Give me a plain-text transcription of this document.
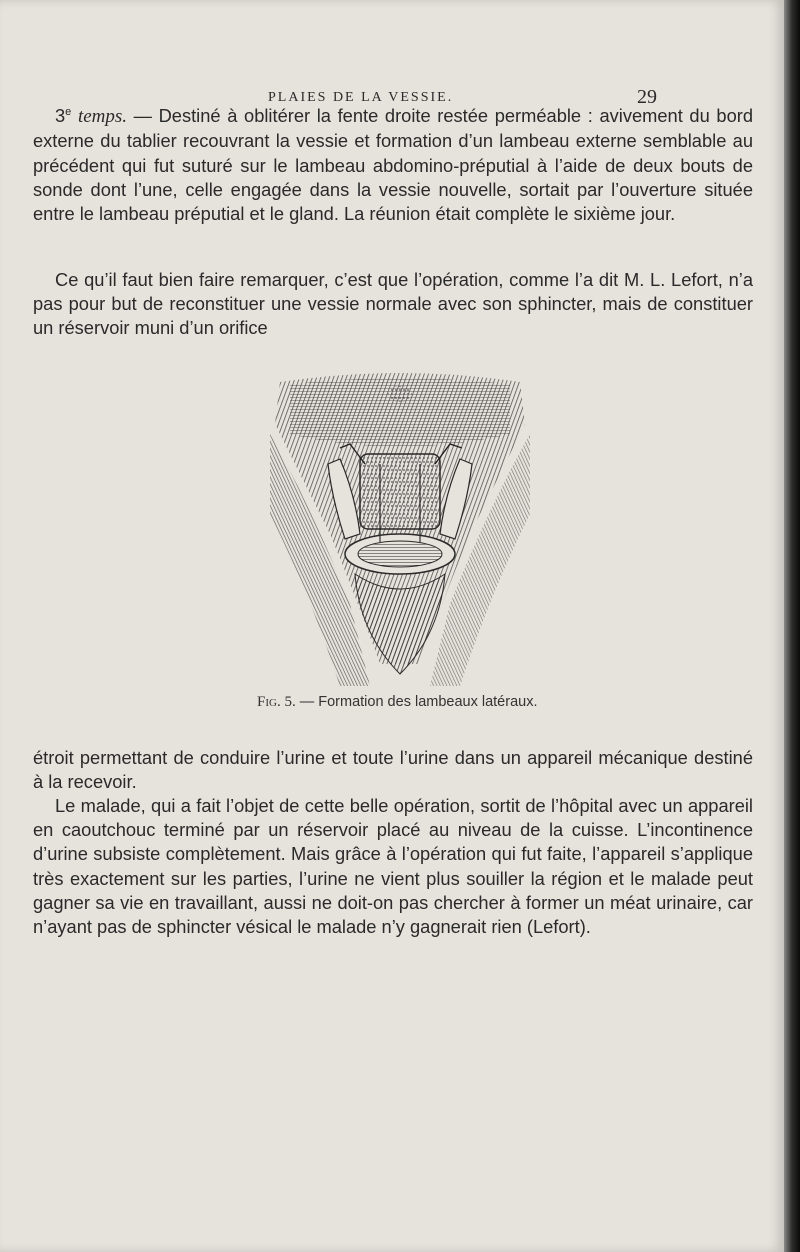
PLAIES DE LA VESSIE.	29

3e temps. — Destiné à oblitérer la fente droite restée perméable : avivement du bord externe du tablier recouvrant la vessie et formation d’un lambeau externe semblable au précédent qui fut suturé sur le lambeau abdomino-préputial à l’aide de deux bouts de sonde dont l’une, celle engagée dans la vessie nouvelle, sortait par l’ouverture située entre le lambeau préputial et le gland. La réunion était complète le sixième jour.

Ce qu’il faut bien faire remarquer, c’est que l’opération, comme l’a dit M. L. Lefort, n’a pas pour but de reconstituer une vessie normale avec son sphincter, mais de constituer un réservoir muni d’un orifice

Fig. 5. — Formation des lambeaux latéraux.

étroit permettant de conduire l’urine et toute l’urine dans un appareil mécanique destiné à la recevoir.

Le malade, qui a fait l’objet de cette belle opération, sortit de l’hôpital avec un appareil en caoutchouc terminé par un réservoir placé au niveau de la cuisse. L’incontinence d’urine subsiste complètement. Mais grâce à l’opération qui fut faite, l’appareil s’applique très exactement sur les parties, l’urine ne vient plus souiller la région et le malade peut gagner sa vie en travaillant, aussi ne doit-on pas chercher à former un méat urinaire, car n’ayant pas de sphincter vésical le malade n’y gagnerait rien (Lefort).
